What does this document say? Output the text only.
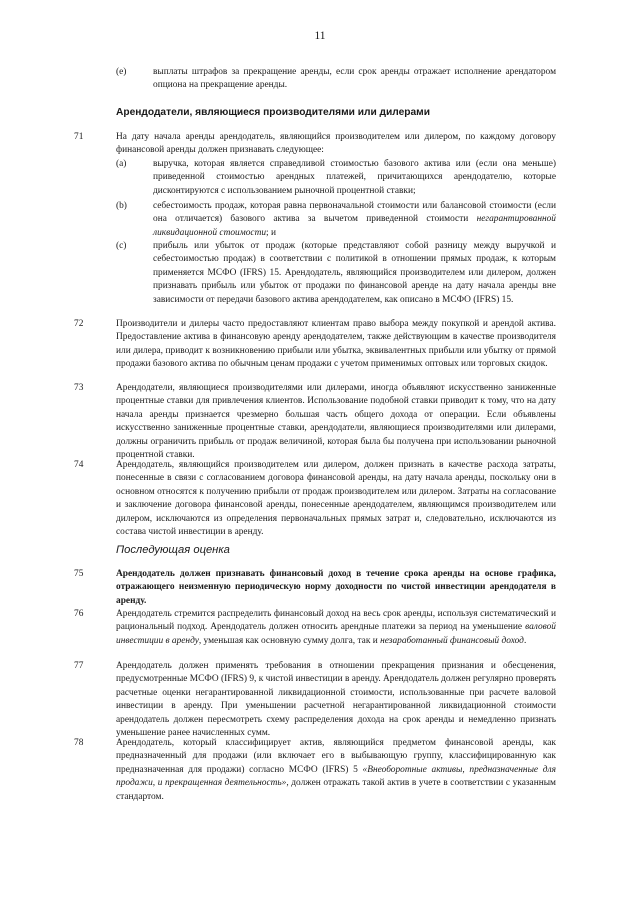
11
(e)	выплаты штрафов за прекращение аренды, если срок аренды отражает исполнение арендатором опциона на прекращение аренды.
Арендодатели, являющиеся производителями или дилерами
71	На дату начала аренды арендодатель, являющийся производителем или дилером, по каждому договору финансовой аренды должен признавать следующее:
(a)	выручка, которая является справедливой стоимостью базового актива или (если она меньше) приведенной стоимостью арендных платежей, причитающихся арендодателю, которые дисконтируются с использованием рыночной процентной ставки;
(b)	себестоимость продаж, которая равна первоначальной стоимости или балансовой стоимости (если она отличается) базового актива за вычетом приведенной стоимости негарантированной ликвидационной стоимости; и
(c)	прибыль или убыток от продаж (которые представляют собой разницу между выручкой и себестоимостью продаж) в соответствии с политикой в отношении прямых продаж, к которым применяется МСФО (IFRS) 15. Арендодатель, являющийся производителем или дилером, должен признавать прибыль или убыток от продажи по финансовой аренде на дату начала аренды вне зависимости от передачи базового актива арендодателем, как описано в МСФО (IFRS) 15.
72	Производители и дилеры часто предоставляют клиентам право выбора между покупкой и арендой актива. Предоставление актива в финансовую аренду арендодателем, также действующим в качестве производителя или дилера, приводит к возникновению прибыли или убытка, эквивалентных прибыли или убытку от прямой продажи базового актива по обычным ценам продажи с учетом применимых оптовых или торговых скидок.
73	Арендодатели, являющиеся производителями или дилерами, иногда объявляют искусственно заниженные процентные ставки для привлечения клиентов. Использование подобной ставки приводит к тому, что на дату начала аренды признается чрезмерно большая часть общего дохода от операции. Если объявлены искусственно заниженные процентные ставки, арендодатели, являющиеся производителями или дилерами, должны ограничить прибыль от продаж величиной, которая была бы получена при использовании рыночной процентной ставки.
74	Арендодатель, являющийся производителем или дилером, должен признать в качестве расхода затраты, понесенные в связи с согласованием договора финансовой аренды, на дату начала аренды, поскольку они в основном относятся к получению прибыли от продаж производителем или дилером. Затраты на согласование и заключение договора финансовой аренды, понесенные арендодателем, являющимся производителем или дилером, исключаются из определения первоначальных прямых затрат и, следовательно, исключаются из состава чистой инвестиции в аренду.
Последующая оценка
75	Арендодатель должен признавать финансовый доход в течение срока аренды на основе графика, отражающего неизменную периодическую норму доходности по чистой инвестиции арендодателя в аренду.
76	Арендодатель стремится распределить финансовый доход на весь срок аренды, используя систематический и рациональный подход. Арендодатель должен относить арендные платежи за период на уменьшение валовой инвестиции в аренду, уменьшая как основную сумму долга, так и незаработанный финансовый доход.
77	Арендодатель должен применять требования в отношении прекращения признания и обесценения, предусмотренные МСФО (IFRS) 9, к чистой инвестиции в аренду. Арендодатель должен регулярно проверять расчетные оценки негарантированной ликвидационной стоимости, использованные при расчете валовой инвестиции в аренду. При уменьшении расчетной негарантированной ликвидационной стоимости арендодатель должен пересмотреть схему распределения дохода на срок аренды и немедленно признать уменьшение ранее начисленных сумм.
78	Арендодатель, который классифицирует актив, являющийся предметом финансовой аренды, как предназначенный для продажи (или включает его в выбывающую группу, классифицированную как предназначенная для продажи) согласно МСФО (IFRS) 5 «Внеоборотные активы, предназначенные для продажи, и прекращенная деятельность», должен отражать такой актив в учете в соответствии с указанным стандартом.
